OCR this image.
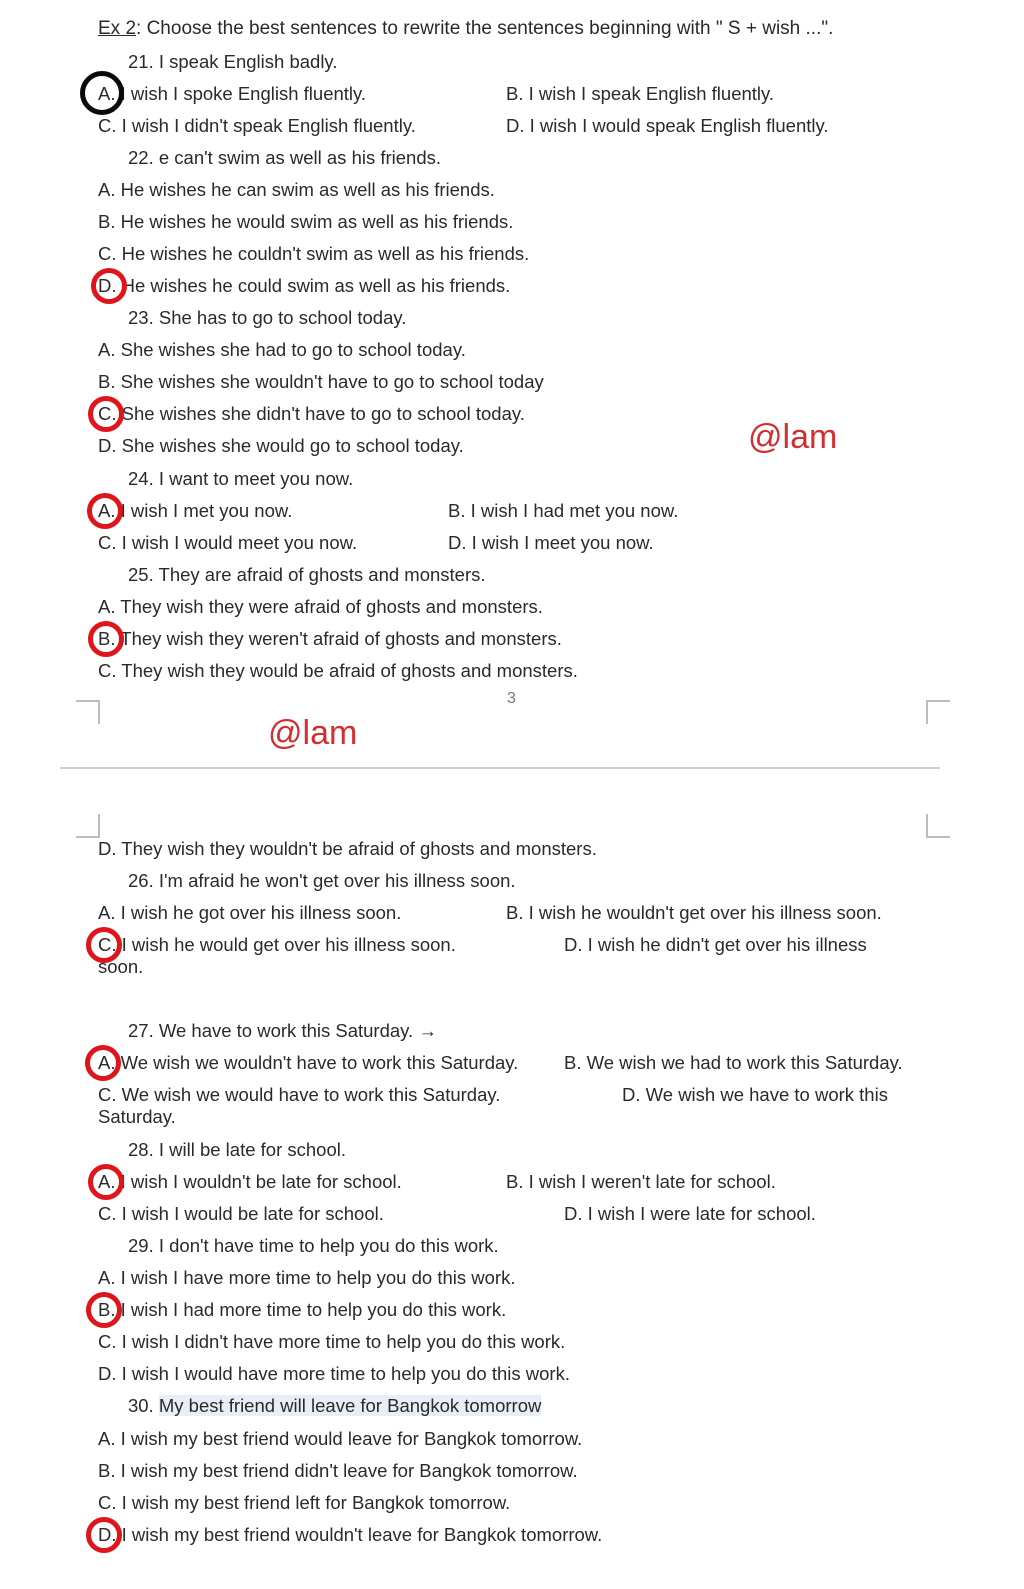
Ex 2: Choose the best sentences to rewrite the sentences beginning with " S + wish ...".
21. I speak English badly.
A. I wish I spoke English fluently.	B. I wish I speak English fluently.
C. I wish I didn't speak English fluently.	D. I wish I would speak English fluently.
22. e can't swim as well as his friends.
A. He wishes he can swim as well as his friends.
B. He wishes he would swim as well as his friends.
C. He wishes he couldn't swim as well as his friends.
D. He wishes he could swim as well as his friends.
23. She has to go to school today.
A. She wishes she had to go to school today.
B. She wishes she wouldn't have to go to school today
C. She wishes she didn't have to go to school today.
D. She wishes she would go to school today.	@lam
24. I want to meet you now.
A. I wish I met you now.	B. I wish I had met you now.
C. I wish I would meet you now.	D. I wish I meet you now.
25. They are afraid of ghosts and monsters.
A. They wish they were afraid of ghosts and monsters.
B. They wish they weren't afraid of ghosts and monsters.
C. They wish they would be afraid of ghosts and monsters.
3
@lam
D. They wish they wouldn't be afraid of ghosts and monsters.
26. I'm afraid he won't get over his illness soon.
A. I wish he got over his illness soon.	B. I wish he wouldn't get over his illness soon.
C. I wish he would get over his illness soon.	D. I wish he didn't get over his illness
soon.
27. We have to work this Saturday. →
A. We wish we wouldn't have to work this Saturday. B. We wish we had to work this Saturday.
C. We wish we would have to work this Saturday.	D. We wish we have to work this
Saturday.
28. I will be late for school.
A. I wish I wouldn't be late for school.	B. I wish I weren't late for school.
C. I wish I would be late for school.	D. I wish I were late for school.
29. I don't have time to help you do this work.
A. I wish I have more time to help you do this work.
B. I wish I had more time to help you do this work.
C. I wish I didn't have more time to help you do this work.
D. I wish I would have more time to help you do this work.
30. My best friend will leave for Bangkok tomorrow
A. I wish my best friend would leave for Bangkok tomorrow.
B. I wish my best friend didn't leave for Bangkok tomorrow.
C. I wish my best friend left for Bangkok tomorrow.
D. I wish my best friend wouldn't leave for Bangkok tomorrow.
